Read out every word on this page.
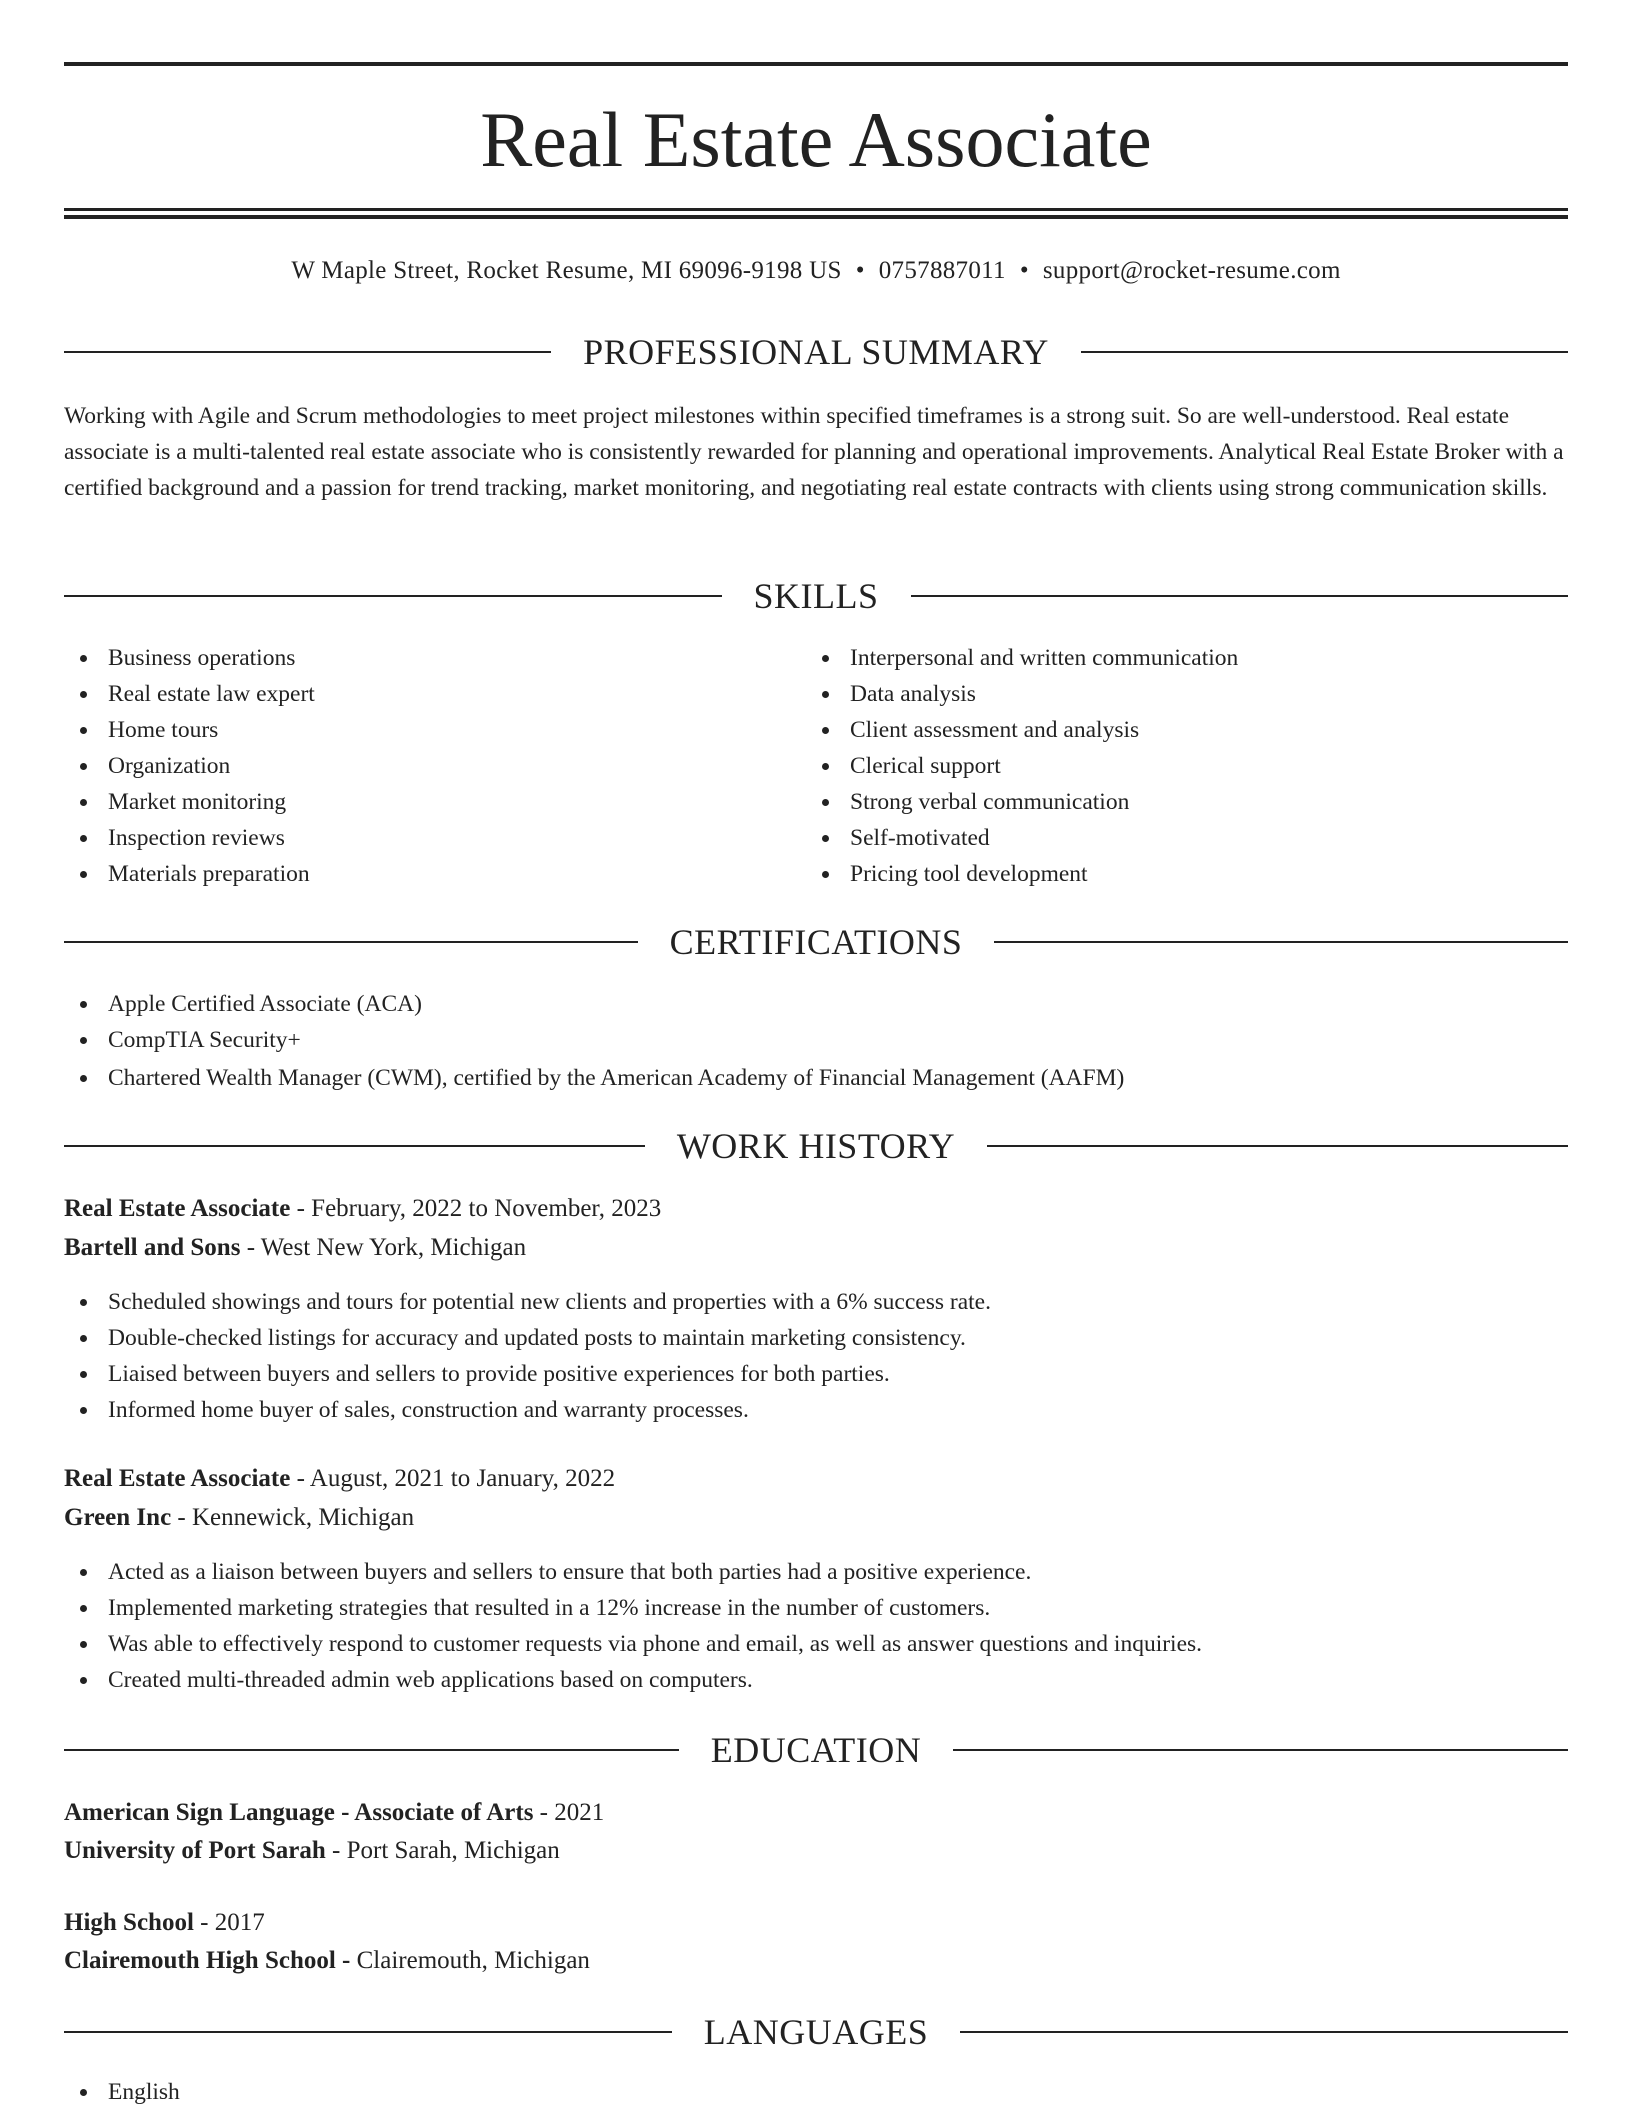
Real Estate Associate
W Maple Street, Rocket Resume, MI 69096-9198 US • 0757887011 • support@rocket-resume.com
PROFESSIONAL SUMMARY

Working with Agile and Scrum methodologies to meet project milestones within specified timeframes is a strong suit. So are well-understood. Real estate associate is a multi-talented real estate associate who is consistently rewarded for planning and operational improvements. Analytical Real Estate Broker with a certified background and a passion for trend tracking, market monitoring, and negotiating real estate contracts with clients using strong communication skills.

SKILLS
Business operations
Real estate law expert
Home tours
Organization
Market monitoring
Inspection reviews
Materials preparation
Interpersonal and written communication
Data analysis
Client assessment and analysis
Clerical support
Strong verbal communication
Self-motivated
Pricing tool development
CERTIFICATIONS
Apple Certified Associate (ACA)
CompTIA Security+
Chartered Wealth Manager (CWM), certified by the American Academy of Financial Management (AAFM)
WORK HISTORY
Real Estate Associate - February, 2022 to November, 2023
Bartell and Sons - West New York, Michigan
Scheduled showings and tours for potential new clients and properties with a 6% success rate.
Double-checked listings for accuracy and updated posts to maintain marketing consistency.
Liaised between buyers and sellers to provide positive experiences for both parties.
Informed home buyer of sales, construction and warranty processes.
Real Estate Associate - August, 2021 to January, 2022
Green Inc - Kennewick, Michigan
Acted as a liaison between buyers and sellers to ensure that both parties had a positive experience.
Implemented marketing strategies that resulted in a 12% increase in the number of customers.
Was able to effectively respond to customer requests via phone and email, as well as answer questions and inquiries.
Created multi-threaded admin web applications based on computers.
EDUCATION
American Sign Language - Associate of Arts - 2021
University of Port Sarah - Port Sarah, Michigan
High School - 2017
Clairemouth High School - Clairemouth, Michigan
LANGUAGES
English
